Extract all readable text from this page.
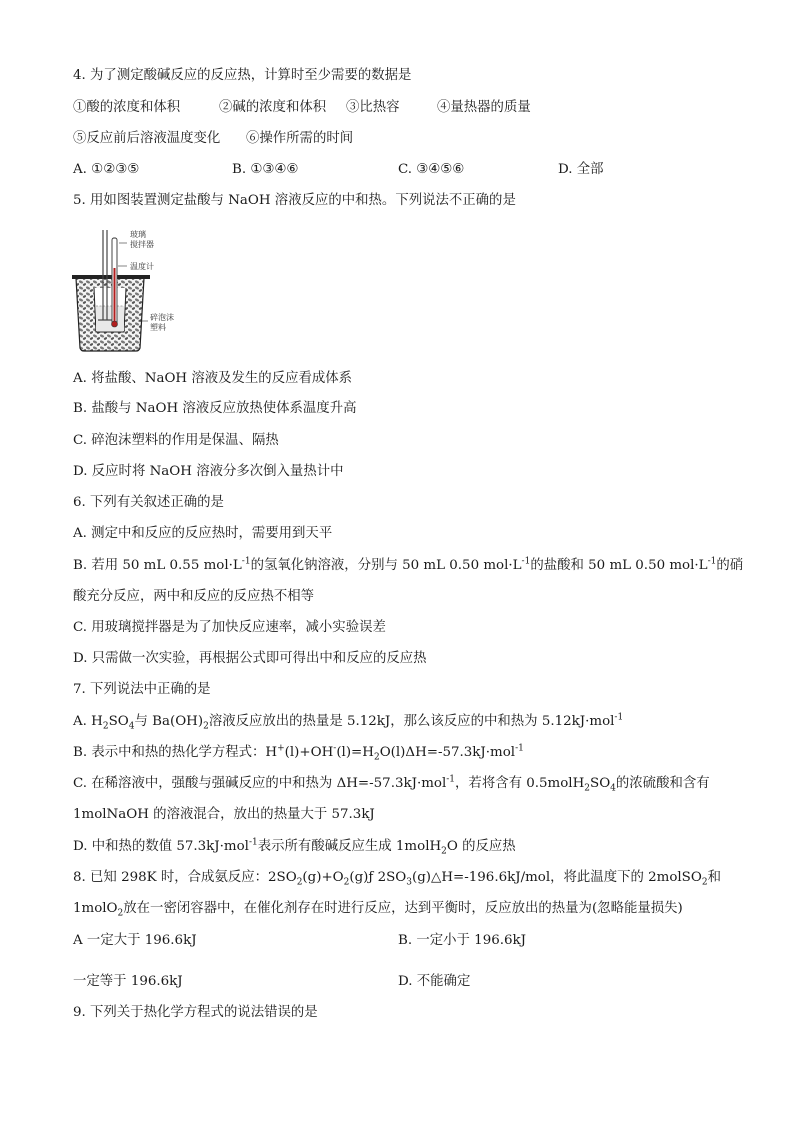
4. 为了测定酸碱反应的反应热，计算时至少需要的数据是
①酸的浓度和体积	②碱的浓度和体积 ③比热容	④量热器的质量
⑤反应前后溶液温度变化 ⑥操作所需的时间
A. ①②③⑤	B. ①③④⑥	C. ③④⑤⑥	D. 全部
5. 用如图装置测定盐酸与 NaOH 溶液反应的中和热。下列说法不正确的是
玻璃
搅拌器
温度计
碎泡沫
塑料
A. 将盐酸、NaOH 溶液及发生的反应看成体系
B. 盐酸与 NaOH 溶液反应放热使体系温度升高
C. 碎泡沫塑料的作用是保温、隔热
D. 反应时将 NaOH 溶液分多次倒入量热计中
6. 下列有关叙述正确的是
A. 测定中和反应的反应热时，需要用到天平
B. 若用 50 mL 0.55 $mol\cdot L^{-1}$的氢氧化钠溶液，分别与 50 mL 0.50 $mol\cdot L^{-1}$的盐酸和 50 mL 0.50 $mol\cdot L^{-1}$的硝
酸充分反应，两中和反应的反应热不相等
C. 用玻璃搅拌器是为了加快反应速率，减小实验误差
D. 只需做一次实验，再根据公式即可得出中和反应的反应热
7. 下列说法中正确的是
A. $H_2SO_4$与 $Ba(OH)_2$溶液反应放出的热量是 5.12kJ，那么该反应的中和热为 5.12kJ·mol$^{-1}$
B. 表示中和热的热化学方程式：$H^+(l)+OH^-(l)=H_2O(l)\Delta H=-57.3kJ\cdot mol^{-1}$
C. 在稀溶液中，强酸与强碱反应的中和热为 ΔH=-57.3kJ·mol$^{-1}$，若将含有 $0.5molH_2SO_4$的浓硫酸和含有
1molNaOH 的溶液混合，放出的热量大于 57.3kJ
D. 中和热的数值 57.3kJ·mol$^{-1}$表示所有酸碱反应生成 1molH$_2$O 的反应热
8. 已知 298K 时，合成氨反应：$2SO_2(g)+O_2(g)ƒ$ $2SO_3(g)\triangle H=-196.6kJ$/mol，将此温度下的 2molSO$_2$和
1molO$_2$放在一密闭容器中，在催化剂存在时进行反应，达到平衡时，反应放出的热量为(忽略能量损失)
A 一定大于 196.6kJ	B. 一定小于 196.6kJ
一定等于 196.6kJ	D. 不能确定
9. 下列关于热化学方程式的说法错误的是
